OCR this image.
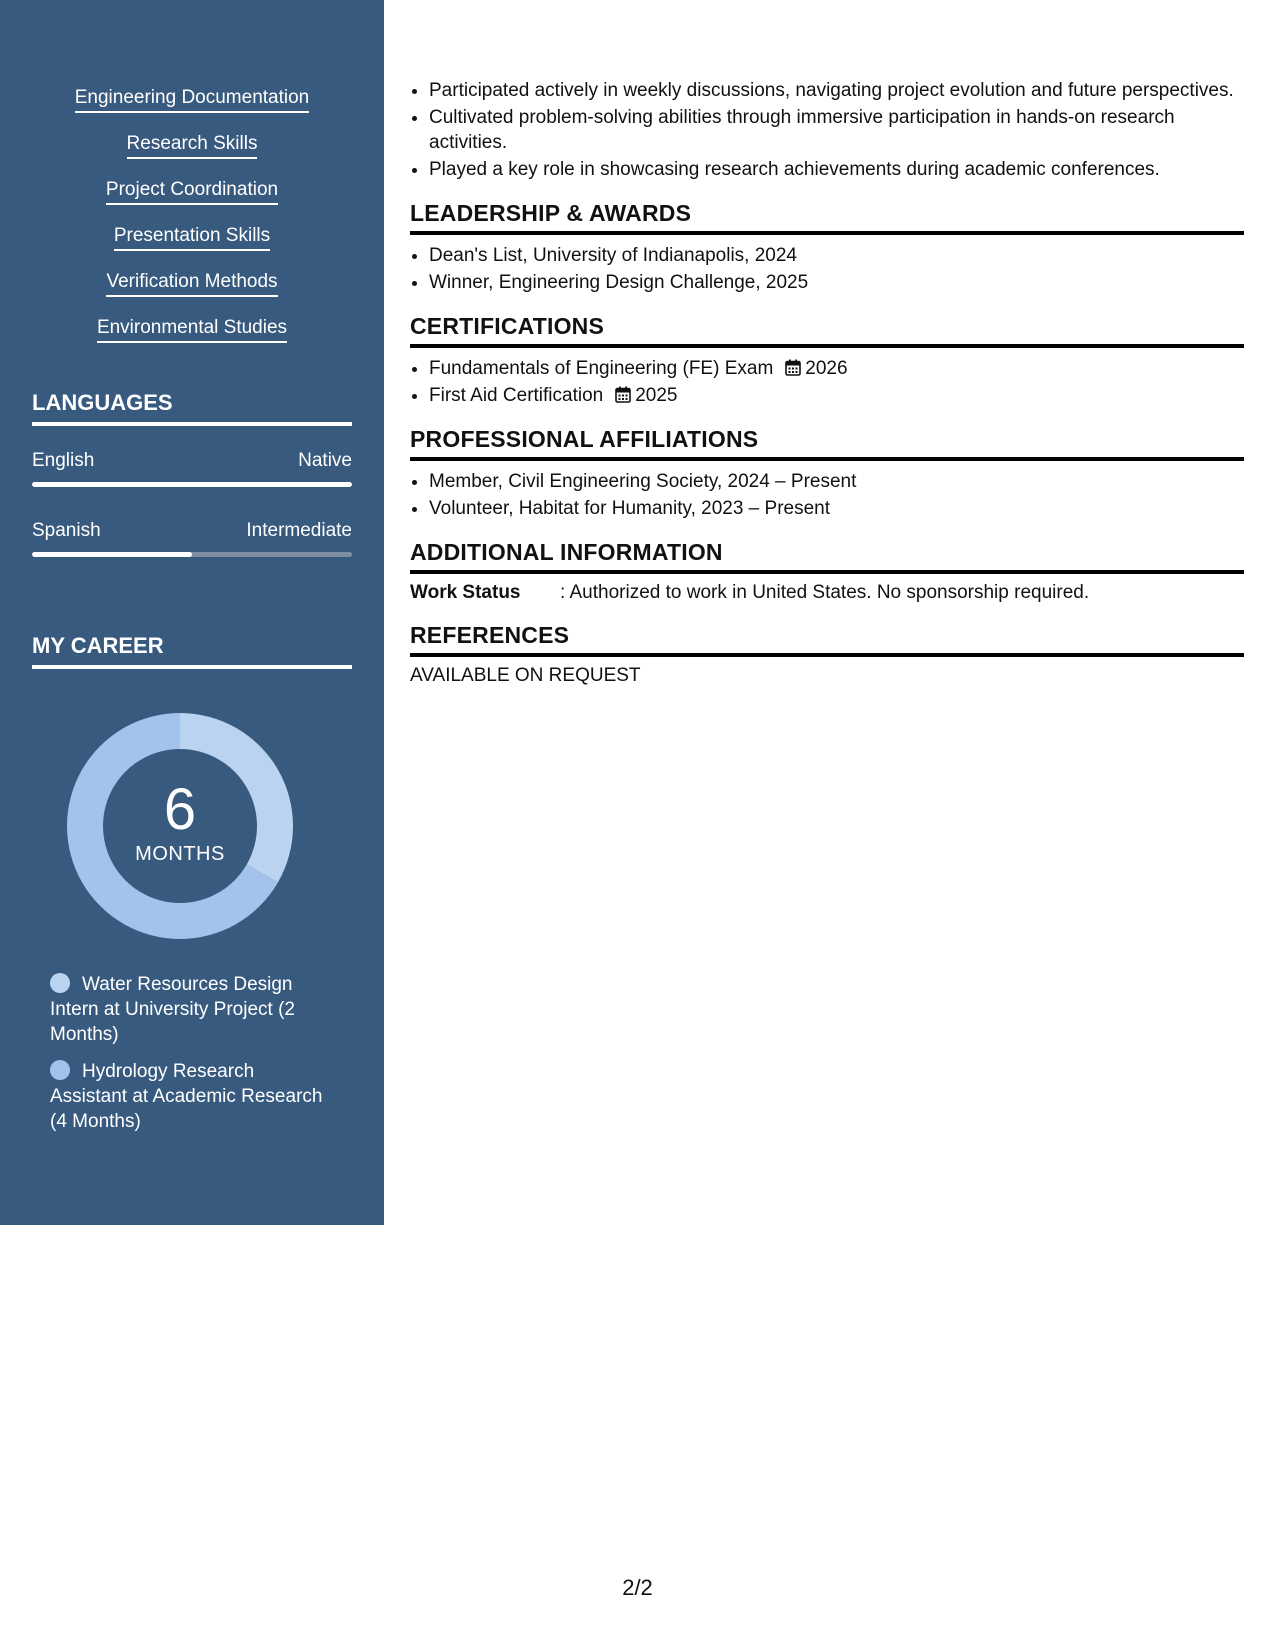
Engineering Documentation
Research Skills
Project Coordination
Presentation Skills
Verification Methods
Environmental Studies
LANGUAGES
English	Native
Spanish	Intermediate
MY CAREER
6
MONTHS
Water Resources Design Intern at University Project (2 Months)
Hydrology Research Assistant at Academic Research (4 Months)
• Participated actively in weekly discussions, navigating project evolution and future perspectives.
• Cultivated problem-solving abilities through immersive participation in hands-on research activities.
• Played a key role in showcasing research achievements during academic conferences.
LEADERSHIP & AWARDS
• Dean's List, University of Indianapolis, 2024
• Winner, Engineering Design Challenge, 2025
CERTIFICATIONS
• Fundamentals of Engineering (FE) Exam 2026
• First Aid Certification 2025
PROFESSIONAL AFFILIATIONS
• Member, Civil Engineering Society, 2024 – Present
• Volunteer, Habitat for Humanity, 2023 – Present
ADDITIONAL INFORMATION
Work Status	: Authorized to work in United States. No sponsorship required.
REFERENCES
AVAILABLE ON REQUEST
2/2
